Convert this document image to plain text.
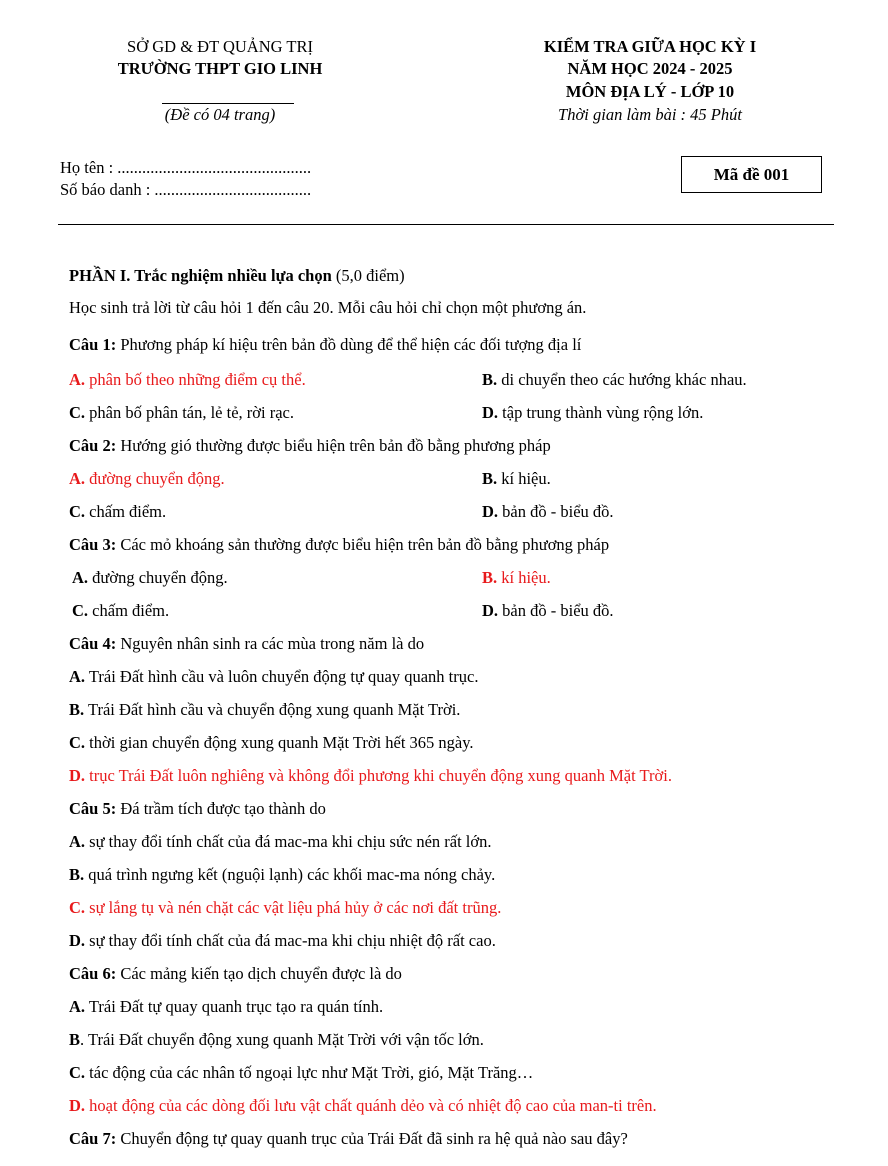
SỞ GD & ĐT QUẢNG TRỊ
TRƯỜNG THPT GIO LINH
(Đề có 04 trang)
KIỂM TRA GIỮA HỌC KỲ I
NĂM HỌC 2024 - 2025
MÔN ĐỊA LÝ - LỚP 10
Thời gian làm bài : 45 Phút
Họ tên : ...............................................
Số báo danh : ......................................
Mã đề 001
PHẦN I. Trắc nghiệm nhiều lựa chọn (5,0 điểm)
Học sinh trả lời từ câu hỏi 1 đến câu 20. Mỗi câu hỏi chỉ chọn một phương án.
Câu 1: Phương pháp kí hiệu trên bản đồ dùng để thể hiện các đối tượng địa lí
A. phân bố theo những điểm cụ thể.	B. di chuyển theo các hướng khác nhau.
C. phân bố phân tán, lẻ tẻ, rời rạc.	D. tập trung thành vùng rộng lớn.
Câu 2: Hướng gió thường được biểu hiện trên bản đồ bằng phương pháp
A. đường chuyển động.	B. kí hiệu.
C. chấm điểm.	D. bản đồ - biểu đồ.
Câu 3: Các mỏ khoáng sản thường được biểu hiện trên bản đồ bằng phương pháp
A. đường chuyển động.	B. kí hiệu.
C. chấm điểm.	D. bản đồ - biểu đồ.
Câu 4: Nguyên nhân sinh ra các mùa trong năm là do
A. Trái Đất hình cầu và luôn chuyển động tự quay quanh trục.
B. Trái Đất hình cầu và chuyển động xung quanh Mặt Trời.
C. thời gian chuyển động xung quanh Mặt Trời hết 365 ngày.
D. trục Trái Đất luôn nghiêng và không đổi phương khi chuyển động xung quanh Mặt Trời.
Câu 5: Đá trầm tích được tạo thành do
A. sự thay đổi tính chất của đá mac-ma khi chịu sức nén rất lớn.
B. quá trình ngưng kết (nguội lạnh) các khối mac-ma nóng chảy.
C. sự lắng tụ và nén chặt các vật liệu phá hủy ở các nơi đất trũng.
D. sự thay đổi tính chất của đá mac-ma khi chịu nhiệt độ rất cao.
Câu 6: Các mảng kiến tạo dịch chuyển được là do
A. Trái Đất tự quay quanh trục tạo ra quán tính.
B. Trái Đất chuyển động xung quanh Mặt Trời với vận tốc lớn.
C. tác động của các nhân tố ngoại lực như Mặt Trời, gió, Mặt Trăng…
D. hoạt động của các dòng đối lưu vật chất quánh dẻo và có nhiệt độ cao của man-ti trên.
Câu 7: Chuyển động tự quay quanh trục của Trái Đất đã sinh ra hệ quả nào sau đây?
